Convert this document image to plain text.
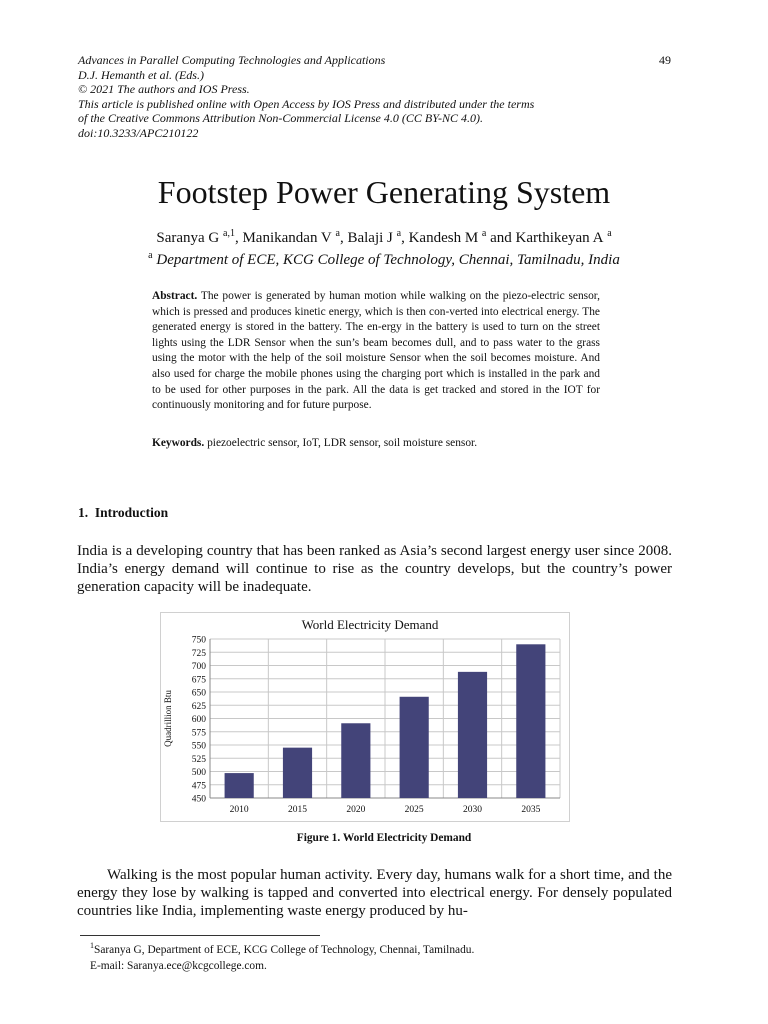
Advances in Parallel Computing Technologies and Applications
D.J. Hemanth et al. (Eds.)
© 2021 The authors and IOS Press.
This article is published online with Open Access by IOS Press and distributed under the terms
of the Creative Commons Attribution Non-Commercial License 4.0 (CC BY-NC 4.0).
doi:10.3233/APC210122
49
Footstep Power Generating System
Saranya G $^{a,1}$, Manikandan V $^a$, Balaji J $^a$, Kandesh M $^a$ and Karthikeyan A $^a$
$^a$ Department of ECE, KCG College of Technology, Chennai, Tamilnadu, India
Abstract. The power is generated by human motion while walking on the piezo-electric sensor, which is pressed and produces kinetic energy, which is then con-verted into electrical energy. The generated energy is stored in the battery. The en-ergy in the battery is used to turn on the street lights using the LDR Sensor when the sun’s beam becomes dull, and to pass water to the grass using the motor with the help of the soil moisture Sensor when the soil becomes moisture. And also used for charge the mobile phones using the charging port which is installed in the park and to be used for other purposes in the park. All the data is get tracked and stored in the IOT for continuously monitoring and for future purpose.
Keywords. piezoelectric sensor, IoT, LDR sensor, soil moisture sensor.
1. Introduction
India is a developing country that has been ranked as Asia’s second largest energy user since 2008. India’s energy demand will continue to rise as the country develops, but the country’s power generation capacity will be inadequate.
World Electricity Demand
450
475
500
525
550
575
600
625
650
675
700
725
750
2010	2015	2020	2025	2030	2035
Quadrillion Btu
Figure 1. World Electricity Demand
Walking is the most popular human activity. Every day, humans walk for a short time, and the energy they lose by walking is tapped and converted into electrical energy. For densely populated countries like India, implementing waste energy produced by hu-
$^1$Saranya G, Department of ECE, KCG College of Technology, Chennai, Tamilnadu.
E-mail: Saranya.ece@kcgcollege.com.
